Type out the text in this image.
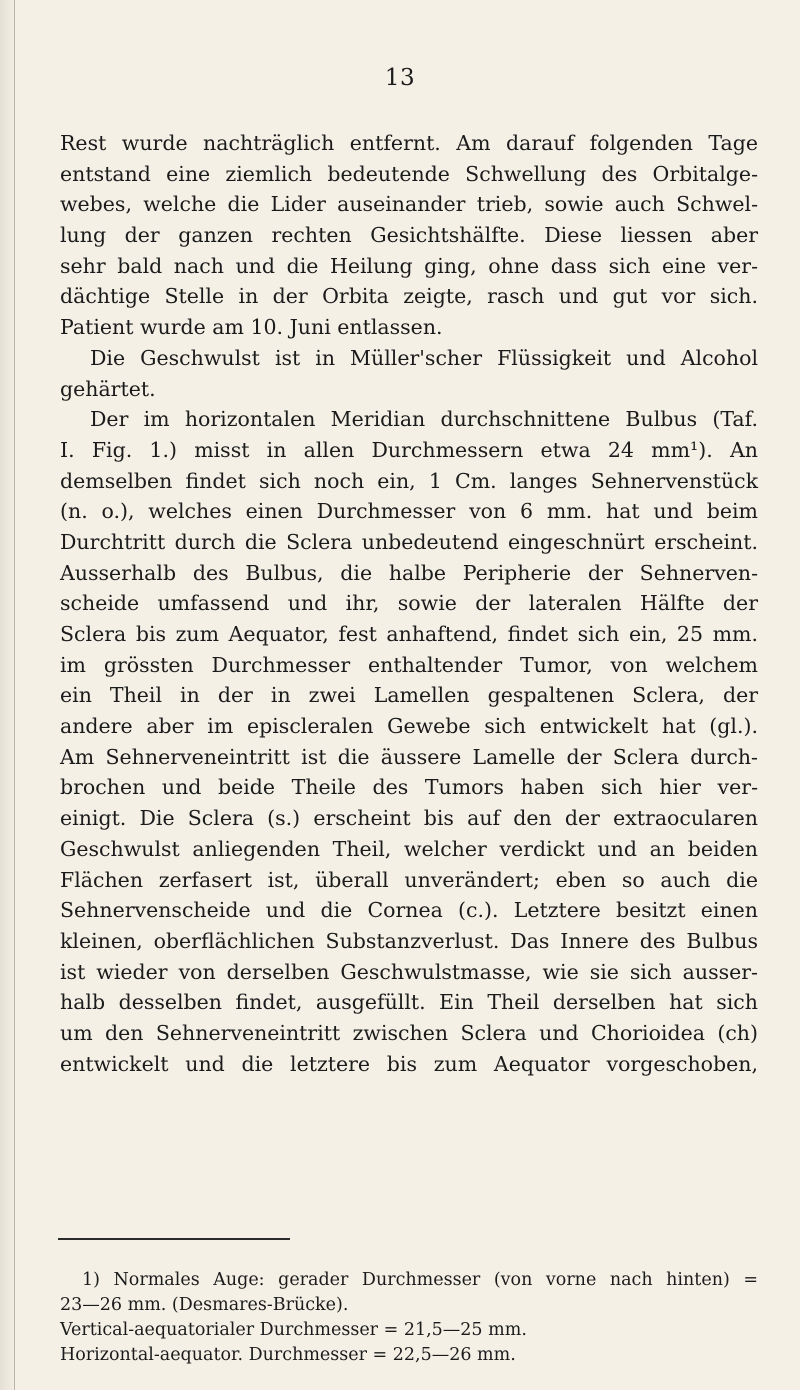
13
Rest wurde nachträglich entfernt. Am darauf folgenden Tage
entstand eine ziemlich bedeutende Schwellung des Orbitalge-
webes, welche die Lider auseinander trieb, sowie auch Schwel-
lung der ganzen rechten Gesichtshälfte. Diese liessen aber
sehr bald nach und die Heilung ging, ohne dass sich eine ver-
dächtige Stelle in der Orbita zeigte, rasch und gut vor sich.
Patient wurde am 10. Juni entlassen.
Die Geschwulst ist in Müller'scher Flüssigkeit und Alcohol
gehärtet.
Der im horizontalen Meridian durchschnittene Bulbus (Taf.
I. Fig. 1.) misst in allen Durchmessern etwa 24 mm¹). An
demselben findet sich noch ein, 1 Cm. langes Sehnervenstück
(n. o.), welches einen Durchmesser von 6 mm. hat und beim
Durchtritt durch die Sclera unbedeutend eingeschnürt erscheint.
Ausserhalb des Bulbus, die halbe Peripherie der Sehnerven-
scheide umfassend und ihr, sowie der lateralen Hälfte der
Sclera bis zum Aequator, fest anhaftend, findet sich ein, 25 mm.
im grössten Durchmesser enthaltender Tumor, von welchem
ein Theil in der in zwei Lamellen gespaltenen Sclera, der
andere aber im episcleralen Gewebe sich entwickelt hat (gl.).
Am Sehnerveneintritt ist die äussere Lamelle der Sclera durch-
brochen und beide Theile des Tumors haben sich hier ver-
einigt. Die Sclera (s.) erscheint bis auf den der extraocularen
Geschwulst anliegenden Theil, welcher verdickt und an beiden
Flächen zerfasert ist, überall unverändert; eben so auch die
Sehnervenscheide und die Cornea (c.). Letztere besitzt einen
kleinen, oberflächlichen Substanzverlust. Das Innere des Bulbus
ist wieder von derselben Geschwulstmasse, wie sie sich ausser-
halb desselben findet, ausgefüllt. Ein Theil derselben hat sich
um den Sehnerveneintritt zwischen Sclera und Chorioidea (ch)
entwickelt und die letztere bis zum Aequator vorgeschoben,
1) Normales Auge: gerader Durchmesser (von vorne nach hinten) =
23—26 mm. (Desmares-Brücke).
Vertical-aequatorialer Durchmesser = 21,5—25 mm.
Horizontal-aequator. Durchmesser = 22,5—26 mm.
